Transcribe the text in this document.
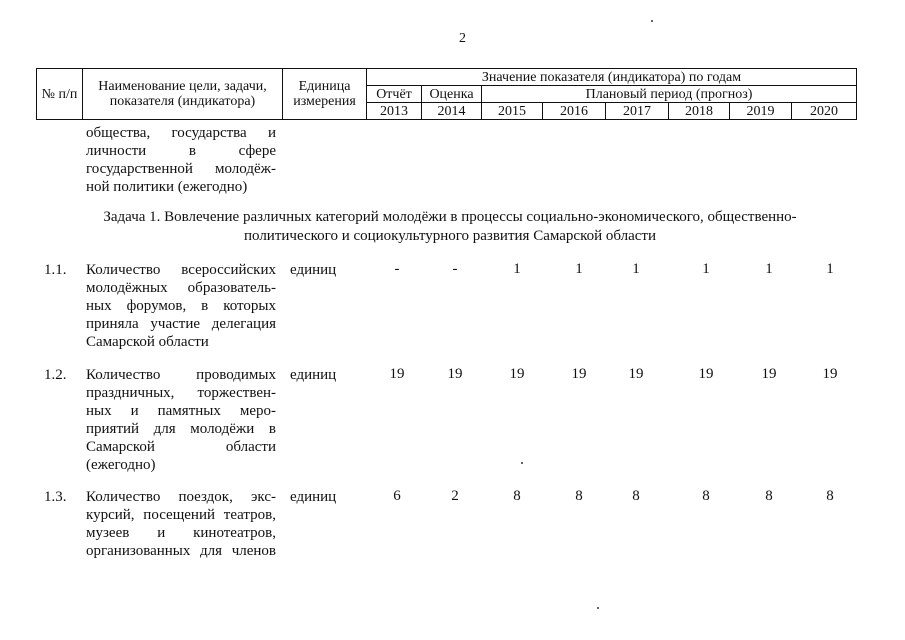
2
№ п/п	Наименование цели, задачи, показателя (индикатора)	Единица измерения	Значение показателя (индикатора) по годам							
			Отчёт	Оценка	Плановый период (прогноз)					
			2013	2014	2015	2016	2017	2018	2019	2020
общества, государства и
личности в сфере
государственной молодёж-
ной политики (ежегодно)
Задача 1. Вовлечение различных категорий молодёжи в процессы социально-экономического, общественно-
политического и социокультурного развития Самарской области
1.1. Количество всероссийских
молодёжных образователь-
ных форумов, в которых
приняла участие делегация
Самарской области
единиц	-	-	1	1	1	1	1	1
1.2. Количество проводимых
праздничных, торжествен-
ных и памятных меро-
приятий для молодёжи в
Самарской области
(ежегодно)
единиц	19	19	19	19	19	19	19	19
1.3. Количество поездок, экс-
курсий, посещений театров,
музеев и кинотеатров,
организованных для членов
единиц	6	2	8	8	8	8	8	8
